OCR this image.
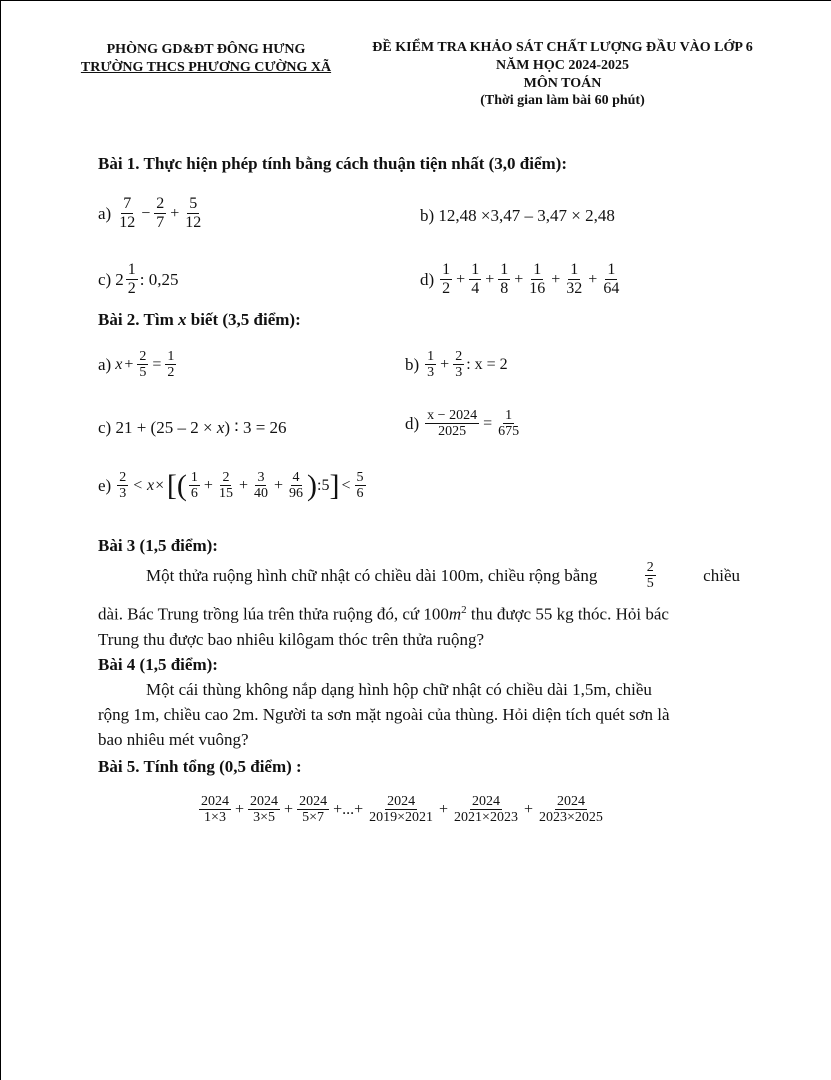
PHÒNG GD&ĐT ĐÔNG HƯNG
TRƯỜNG THCS PHƯƠNG CƯỜNG XÃ
ĐỀ KIỂM TRA KHẢO SÁT CHẤT LƯỢNG ĐẦU VÀO LỚP 6
NĂM HỌC 2024-2025
MÔN TOÁN
(Thời gian làm bài 60 phút)
Bài 1. Thực hiện phép tính bằng cách thuận tiện nhất (3,0 điểm):
a)
$\frac{7}{12} - \frac{2}{7} + \frac{5}{12}$	b) 12,48 ×3,47 – 3,47 × 2,48
c)
$2 \frac{1}{2}$ : 0,25	d)
$\frac{1}{2} + \frac{1}{4} + \frac{1}{8} + \frac{1}{16} + \frac{1}{32} + \frac{1}{64}$
Bài 2. Tìm x biết (3,5 điểm):
a)
$x + \frac{2}{5} = \frac{1}{2}$	b)
$\frac{1}{3} + \frac{2}{3}$ : x = 2
c) 21 + (25 – 2 × x) ∶ 3 = 26	d)
$\frac{x - 2024}{2025} = \frac{1}{675}$
e)
$\frac{2}{3} < x\times$ [ ( $\frac{1}{6} + \frac{2}{15} + \frac{3}{40} + \frac{4}{96}$ ) :5 ] < $\frac{5}{6}$
Bài 3 (1,5 điểm):
Một thửa ruộng hình chữ nhật có chiều dài 100m, chiều rộng bằng	$\frac{2}{5}$	chiều
dài. Bác Trung trồng lúa trên thửa ruộng đó, cứ $100m^2$ thu được 55 kg thóc. Hỏi bác
Trung thu được bao nhiêu kilôgam thóc trên thửa ruộng?
Bài 4 (1,5 điểm):
Một cái thùng không nắp dạng hình hộp chữ nhật có chiều dài 1,5m, chiều
rộng 1m, chiều cao 2m. Người ta sơn mặt ngoài của thùng. Hỏi diện tích quét sơn là
bao nhiêu mét vuông?
Bài 5. Tính tổng (0,5 điểm) :
$\frac{2024}{1\times 3} + \frac{2024}{3\times 5} + \frac{2024}{5\times 7}$ +...+ $\frac{2024}{2019\times 2021} + \frac{2024}{2021\times 2023} + \frac{2024}{2023\times 2025}$
